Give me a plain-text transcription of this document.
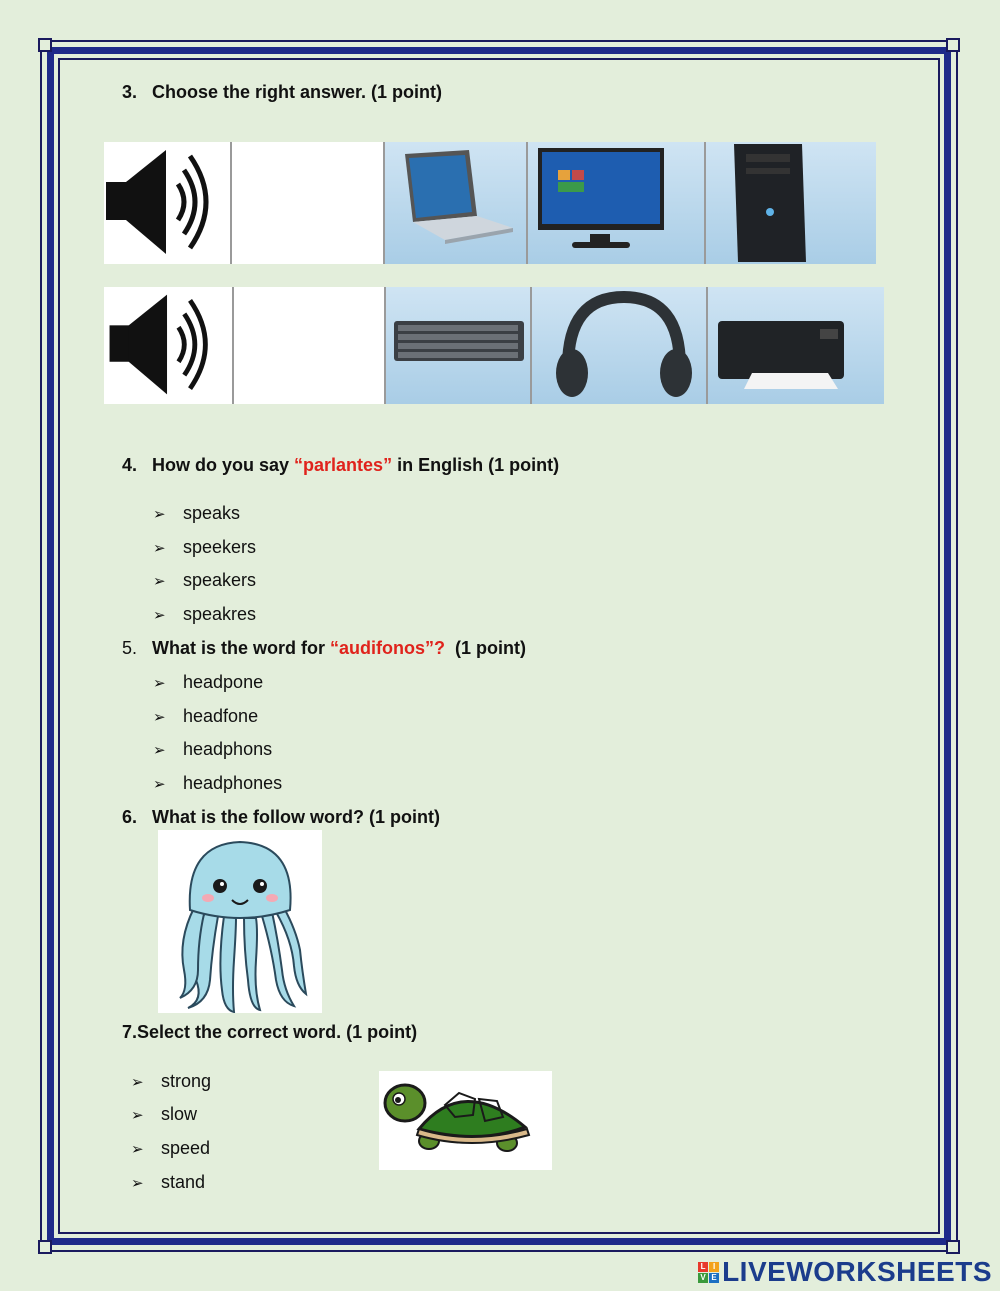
3. Choose the right answer. (1 point)
4. How do you say “parlantes” in English (1 point)
➢ speaks
➢ speekers
➢ speakers
➢ speakres
5. What is the word for “audifonos”?  (1 point)
➢ headpone
➢ headfone
➢ headphons
➢ headphones
6. What is the follow word? (1 point)
7.Select the correct word. (1 point)
➢ strong
➢ slow
➢ speed
➢ stand
L I
V E LIVEWORKSHEETS
